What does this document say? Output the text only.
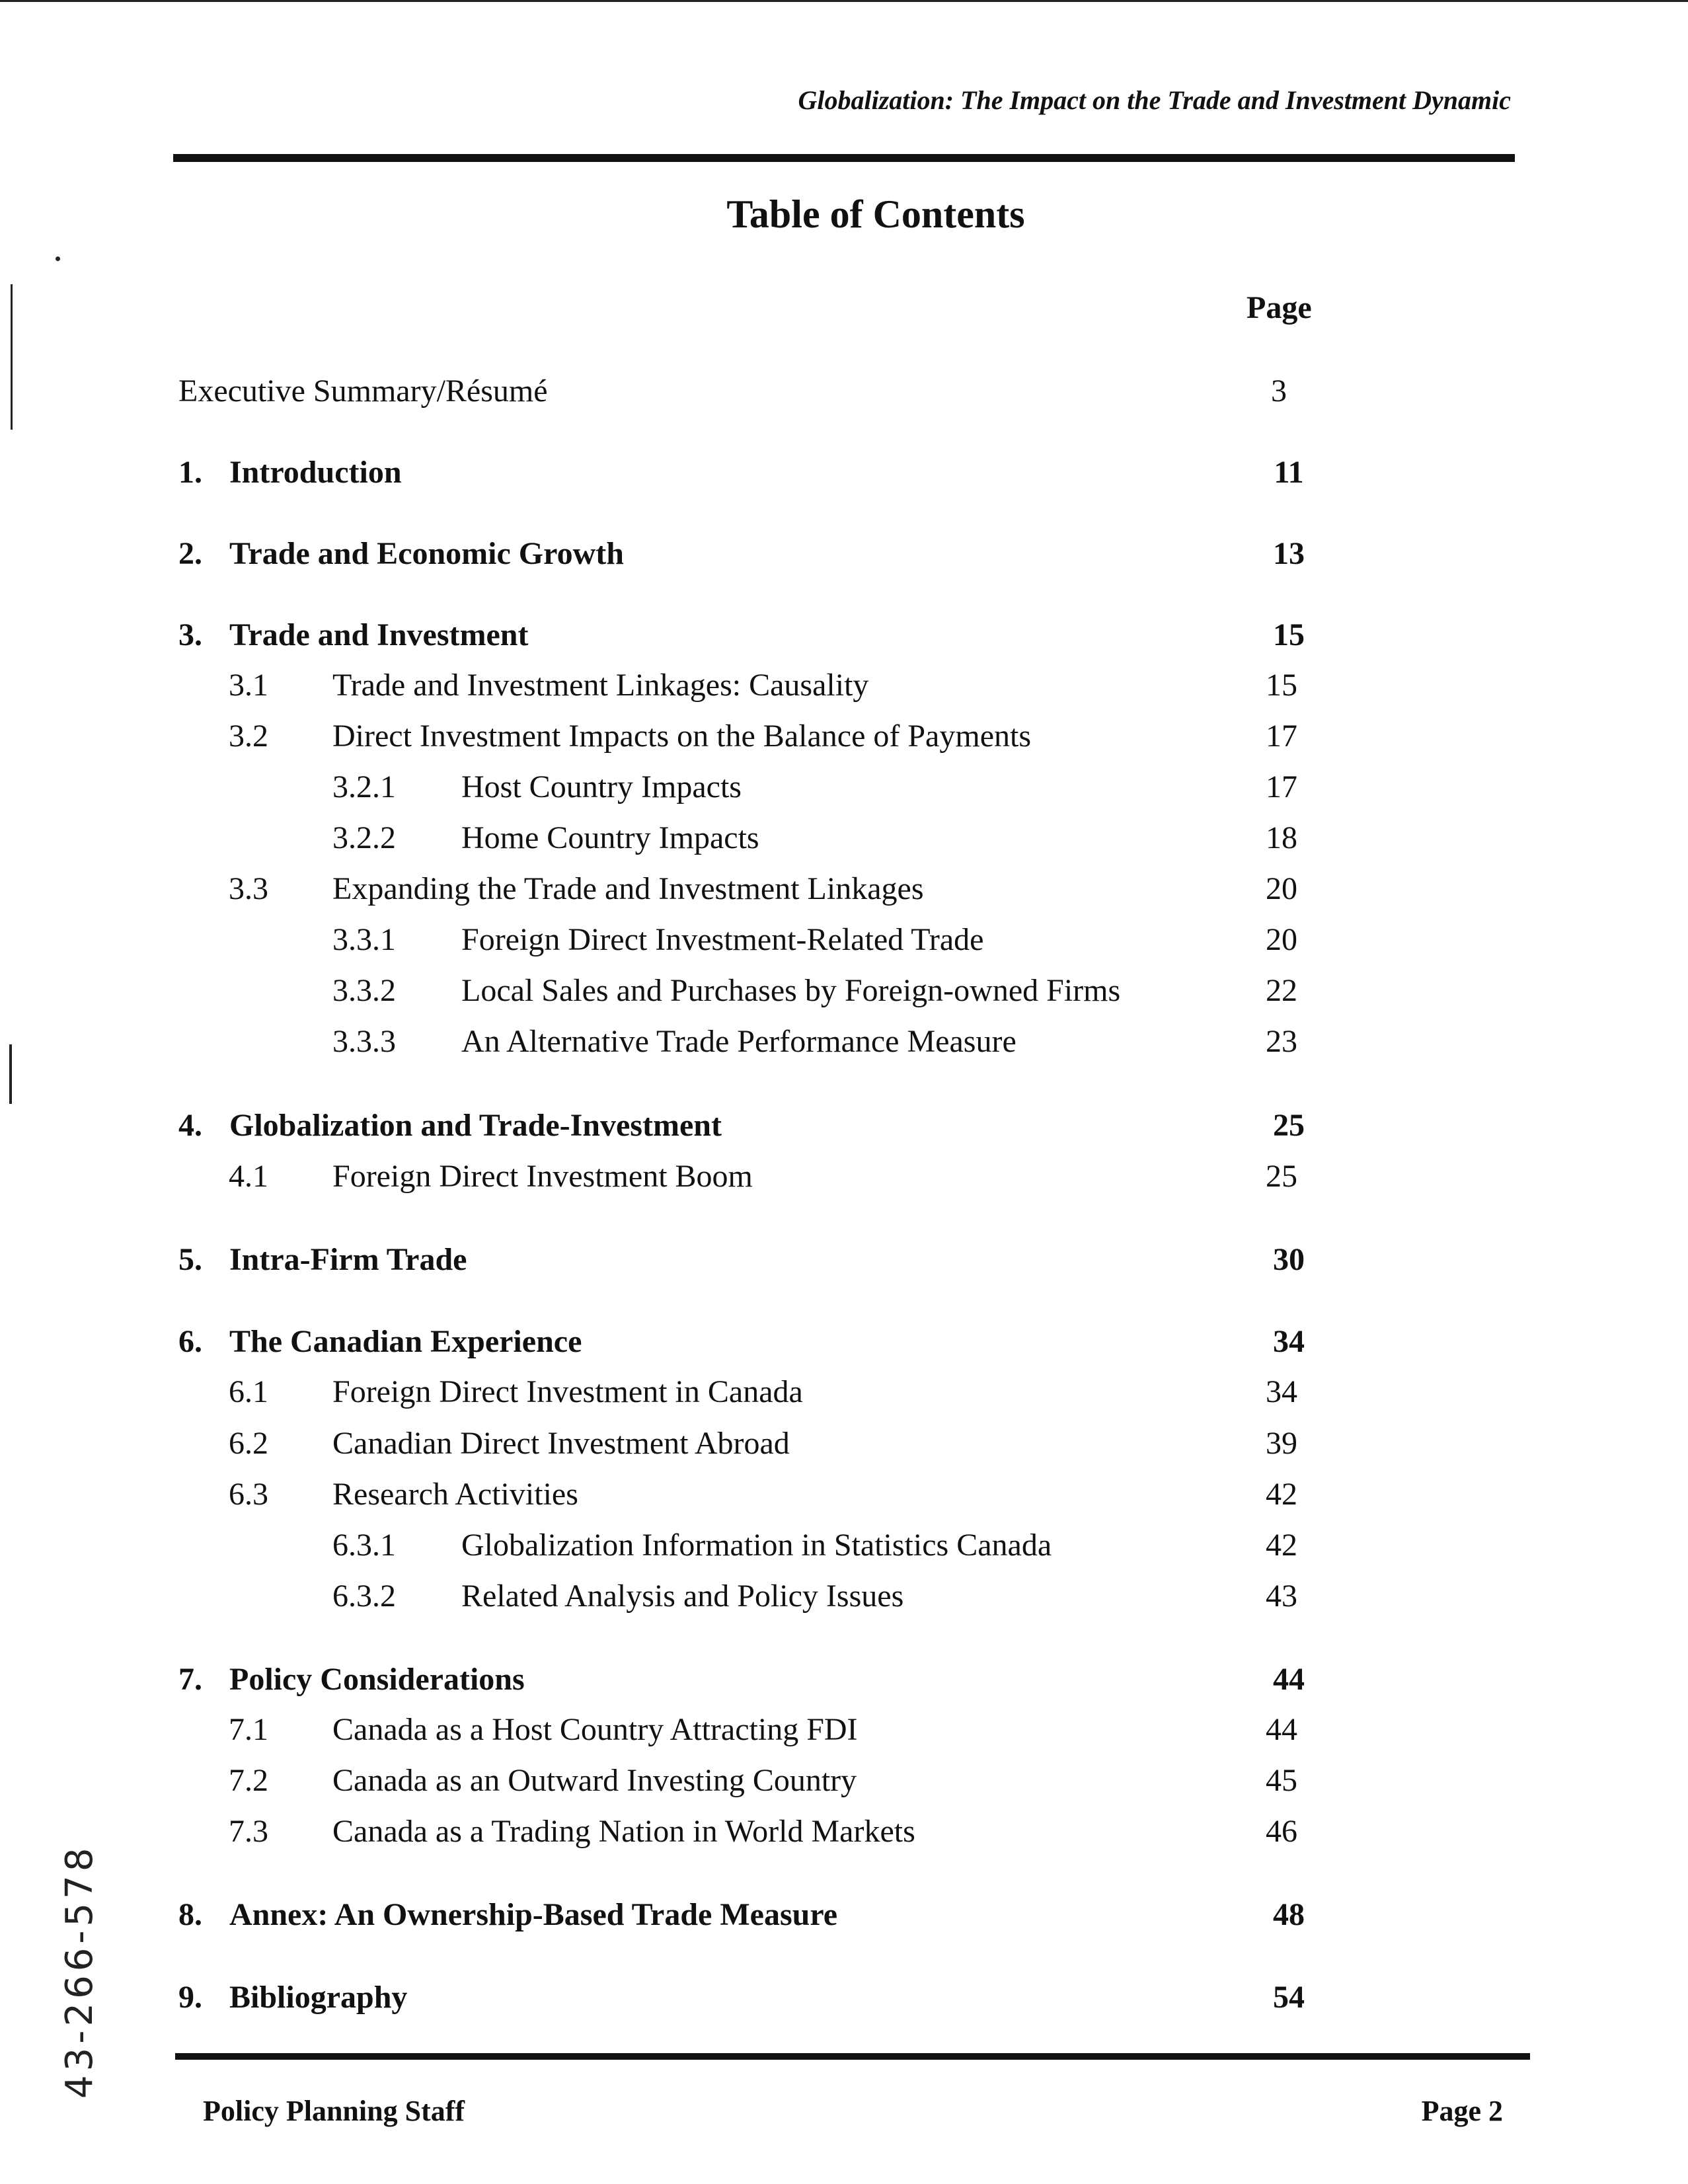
Globalization: The Impact on the Trade and Investment Dynamic
Table of Contents
Page
Executive Summary/Résumé	3
1. Introduction	11
2. Trade and Economic Growth	13
3. Trade and Investment	15
3.1 Trade and Investment Linkages: Causality	15
3.2 Direct Investment Impacts on the Balance of Payments	17
3.2.1 Host Country Impacts	17
3.2.2 Home Country Impacts	18
3.3 Expanding the Trade and Investment Linkages	20
3.3.1 Foreign Direct Investment-Related Trade	20
3.3.2 Local Sales and Purchases by Foreign-owned Firms	22
3.3.3 An Alternative Trade Performance Measure	23
4. Globalization and Trade-Investment	25
4.1 Foreign Direct Investment Boom	25
5. Intra-Firm Trade	30
6. The Canadian Experience	34
6.1 Foreign Direct Investment in Canada	34
6.2 Canadian Direct Investment Abroad	39
6.3 Research Activities	42
6.3.1 Globalization Information in Statistics Canada	42
6.3.2 Related Analysis and Policy Issues	43
7. Policy Considerations	44
7.1 Canada as a Host Country Attracting FDI	44
7.2 Canada as an Outward Investing Country	45
7.3 Canada as a Trading Nation in World Markets	46
8. Annex: An Ownership-Based Trade Measure	48
9. Bibliography	54
Policy Planning Staff	Page 2
43-266-578
